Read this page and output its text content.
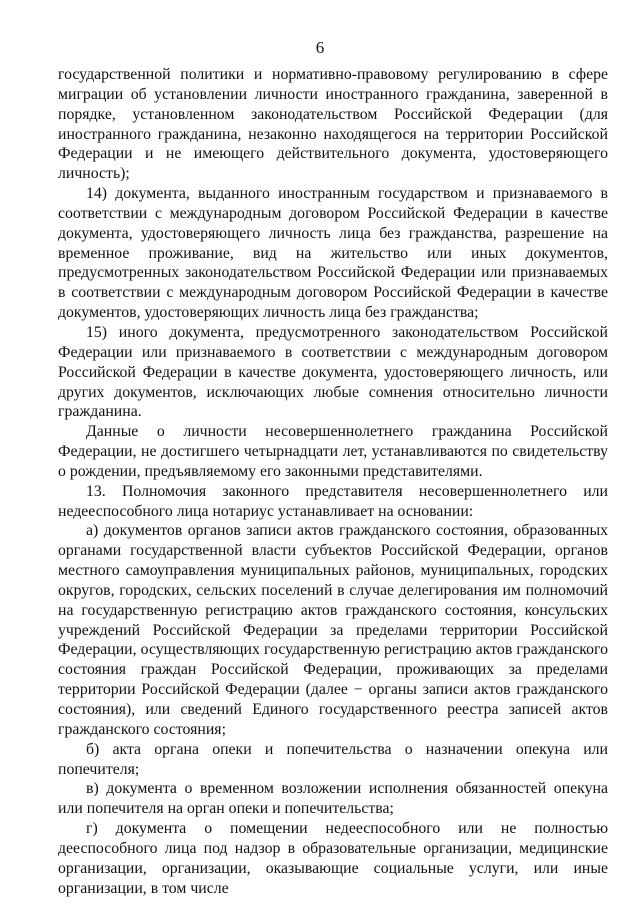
6

государственной политики и нормативно-правовому регулированию в сфере миграции об установлении личности иностранного гражданина, заверенной в порядке, установленном законодательством Российской Федерации (для иностранного гражданина, незаконно находящегося на территории Российской Федерации и не имеющего действительного документа, удостоверяющего личность);

14) документа, выданного иностранным государством и признаваемого в соответствии с международным договором Российской Федерации в качестве документа, удостоверяющего личность лица без гражданства, разрешение на временное проживание, вид на жительство или иных документов, предусмотренных законодательством Российской Федерации или признаваемых в соответствии с международным договором Российской Федерации в качестве документов, удостоверяющих личность лица без гражданства;

15) иного документа, предусмотренного законодательством Российской Федерации или признаваемого в соответствии с международным договором Российской Федерации в качестве документа, удостоверяющего личность, или других документов, исключающих любые сомнения относительно личности гражданина.

Данные о личности несовершеннолетнего гражданина Российской Федерации, не достигшего четырнадцати лет, устанавливаются по свидетельству о рождении, предъявляемому его законными представителями.

13. Полномочия законного представителя несовершеннолетнего или недееспособного лица нотариус устанавливает на основании:

а) документов органов записи актов гражданского состояния, образованных органами государственной власти субъектов Российской Федерации, органов местного самоуправления муниципальных районов, муниципальных, городских округов, городских, сельских поселений в случае делегирования им полномочий на государственную регистрацию актов гражданского состояния, консульских учреждений Российской Федерации за пределами территории Российской Федерации, осуществляющих государственную регистрацию актов гражданского состояния граждан Российской Федерации, проживающих за пределами территории Российской Федерации (далее − органы записи актов гражданского состояния), или сведений Единого государственного реестра записей актов гражданского состояния;

б) акта органа опеки и попечительства о назначении опекуна или попечителя;

в) документа о временном возложении исполнения обязанностей опекуна или попечителя на орган опеки и попечительства;

г) документа о помещении недееспособного или не полностью дееспособного лица под надзор в образовательные организации, медицинские организации, организации, оказывающие социальные услуги, или иные организации, в том числе
